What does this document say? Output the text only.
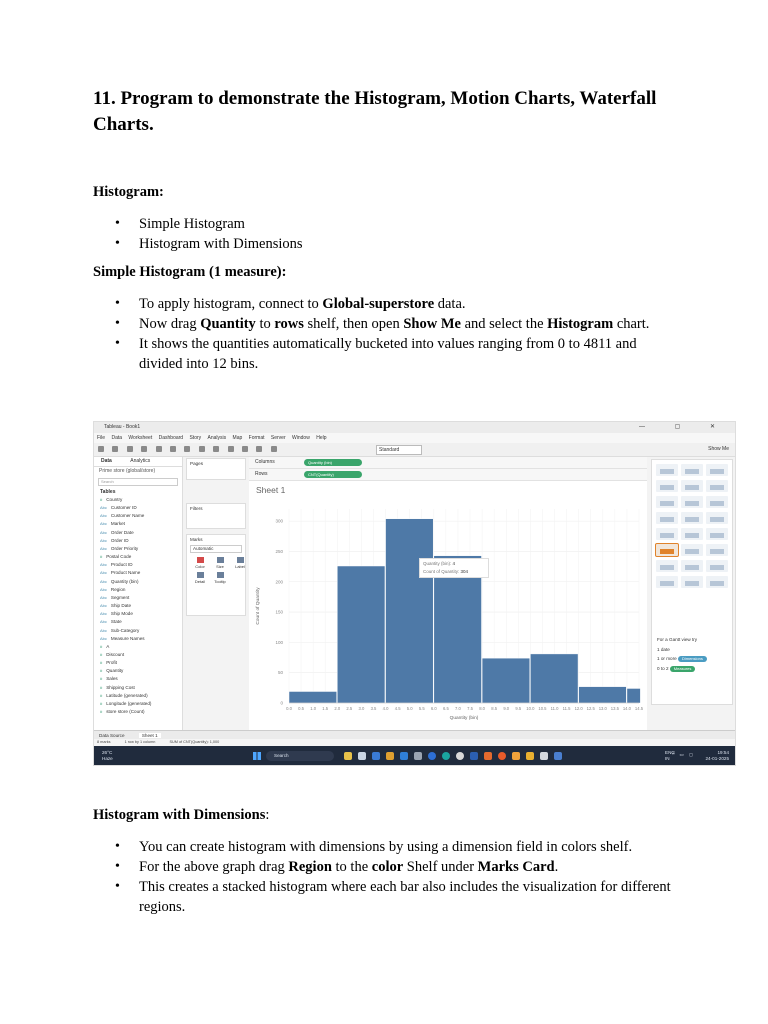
11. Program to demonstrate the Histogram, Motion Charts, Waterfall Charts.

Histogram:

• Simple Histogram
• Histogram with Dimensions

Simple Histogram (1 measure):

• To apply histogram, connect to Global-superstore data.
• Now drag Quantity to rows shelf, then open Show Me and select the Histogram chart.
• It shows the quantities automatically bucketed into values ranging from 0 to 4811 and divided into 12 bins.
Tableau - Book1	— ▢ ✕
File Data Worksheet Dashboard Story Analysis Map Format Server Window Help

Standard	Show Me
Data	Analytics
Prime store (global/store)
Search
Tables
# Country
Abc Customer ID
Abc Customer Name
Abc Market
Abc Order Date
Abc Order ID
Abc Order Priority
# Postal Code
Abc Product ID
Abc Product Name
Abc Quantity (bin)
Abc Region
Abc Segment
Abc Ship Date
Abc Ship Mode
Abc State
Abc Sub-Category
Abc Measure Names
# A
# Discount
# Profit
# Quantity
# Sales
# Shipping Cost
# Latitude (generated)
# Longitude (generated)
# store store (Count)
Pages
Filters
Marks
Automatic
Color	Size	Label
Detail	Tooltip
Columns	Quantity (bin)
Rows	CNT(Quantity)
Sheet 1
0
50
100
150
200
250
300
0.0 0.5 1.0 1.5 2.0 2.5 3.0 3.5 4.0 4.5 5.0 5.5 6.0 6.5 7.0 7.5 8.0 8.5 9.0 9.5 10.0 10.5 11.0 11.5 12.0 12.5 13.0 13.5 14.0 14.5
Quantity (bin)
Count of Quantity
Quantity (bin): 4
Count of Quantity: 304
For a Gantt view try
1 date
1 or more Dimensions
0 to 2 Measures
Data Source	Sheet 1
8 marks	1 row by 1 column	SUM of CNT(Quantity): 1,000
26°C
Haze
Search	^ ▭ ◻
ENG
IN
19:54
24-01-2025

Histogram with Dimensions:

• You can create histogram with dimensions by using a dimension field in colors shelf.
• For the above graph drag Region to the color Shelf under Marks Card.
• This creates a stacked histogram where each bar also includes the visualization for different regions.
